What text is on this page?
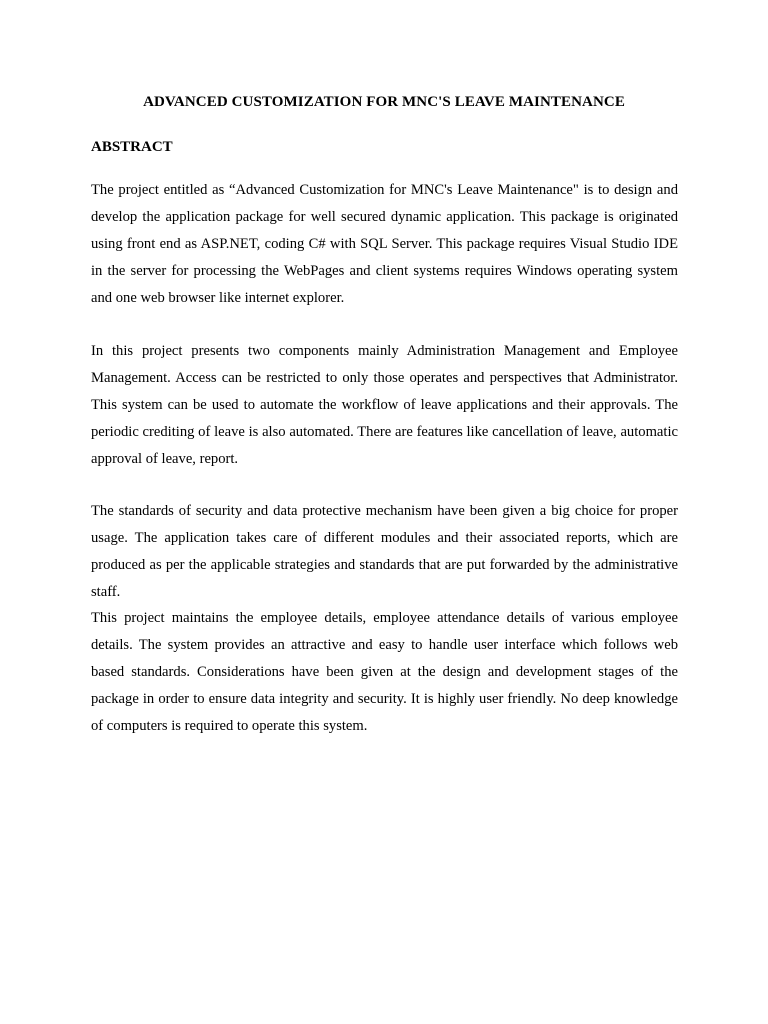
ADVANCED CUSTOMIZATION FOR MNC'S LEAVE MAINTENANCE
ABSTRACT

The project entitled as “Advanced Customization for MNC's Leave Maintenance" is to design and develop the application package for well secured dynamic application. This package is originated using front end as ASP.NET, coding C# with SQL Server. This package requires Visual Studio IDE in the server for processing the WebPages and client systems requires Windows operating system and one web browser like internet explorer.

In this project presents two components mainly Administration Management and Employee Management. Access can be restricted to only those operates and perspectives that Administrator. This system can be used to automate the workflow of leave applications and their approvals. The periodic crediting of leave is also automated. There are features like cancellation of leave, automatic approval of leave, report.

The standards of security and data protective mechanism have been given a big choice for proper usage. The application takes care of different modules and their associated reports, which are produced as per the applicable strategies and standards that are put forwarded by the administrative staff.

This project maintains the employee details, employee attendance details of various employee details. The system provides an attractive and easy to handle user interface which follows web based standards. Considerations have been given at the design and development stages of the package in order to ensure data integrity and security. It is highly user friendly. No deep knowledge of computers is required to operate this system.
